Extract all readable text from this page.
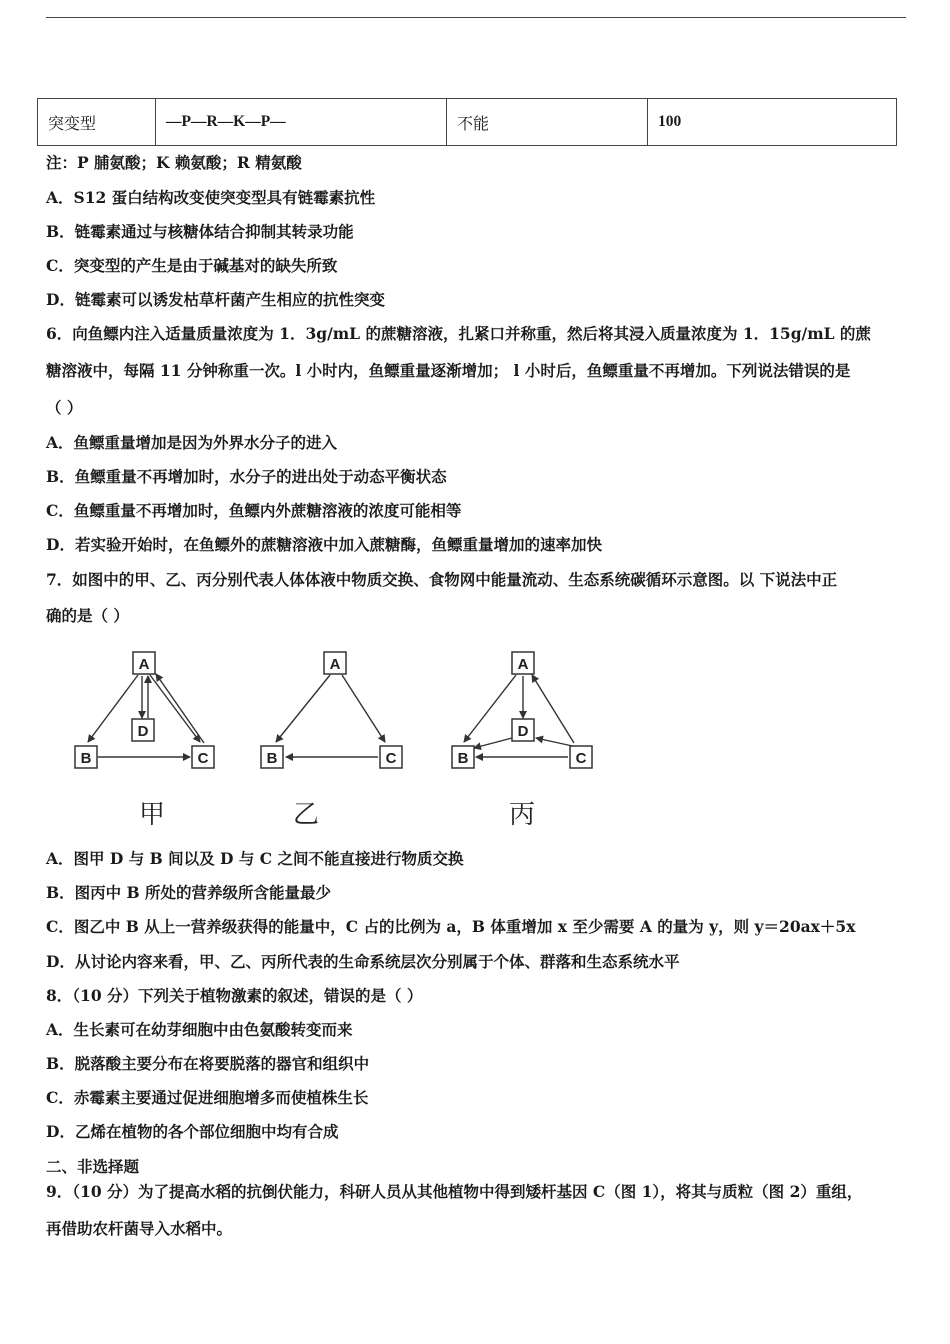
突变型	—P—R—K—P—	不能	100
注：P 脯氨酸；K 赖氨酸；R 精氨酸
A．S12 蛋白结构改变使突变型具有链霉素抗性
B．链霉素通过与核糖体结合抑制其转录功能
C．突变型的产生是由于碱基对的缺失所致
D．链霉素可以诱发枯草杆菌产生相应的抗性突变
6．向鱼鳔内注入适量质量浓度为 1．3g/mL 的蔗糖溶液，扎紧口并称重，然后将其浸入质量浓度为 1．15g/mL 的蔗
糖溶液中，每隔 11 分钟称重一次。l 小时内，鱼鳔重量逐渐增加； l 小时后，鱼鳔重量不再增加。下列说法错误的是
（ ）
A．鱼鳔重量增加是因为外界水分子的进入
B．鱼鳔重量不再增加时，水分子的进出处于动态平衡状态
C．鱼鳔重量不再增加时，鱼鳔内外蔗糖溶液的浓度可能相等
D．若实验开始时，在鱼鳔外的蔗糖溶液中加入蔗糖酶，鱼鳔重量增加的速率加快
7．如图中的甲、乙、丙分别代表人体体液中物质交换、食物网中能量流动、生态系统碳循环示意图。以 下说法中正
确的是（ ）
A．图甲 D 与 B 间以及 D 与 C 之间不能直接进行物质交换
B．图丙中 B 所处的营养级所含能量最少
C．图乙中 B 从上一营养级获得的能量中，C 占的比例为 a，B 体重增加 x 至少需要 A 的量为 y，则 y＝20ax＋5x
D．从讨论内容来看，甲、乙、丙所代表的生命系统层次分别属于个体、群落和生态系统水平
8．（10 分）下列关于植物激素的叙述，错误的是（ ）
A．生长素可在幼芽细胞中由色氨酸转变而来
B．脱落酸主要分布在将要脱落的器官和组织中
C．赤霉素主要通过促进细胞增多而使植株生长
D．乙烯在植物的各个部位细胞中均有合成
二、非选择题
9．（10 分）为了提高水稻的抗倒伏能力，科研人员从其他植物中得到矮杆基因 C（图 1），将其与质粒（图 2）重组，
再借助农杆菌导入水稻中。
A
B	C
D
A
B	C
A
B	C
D
甲	乙	丙
